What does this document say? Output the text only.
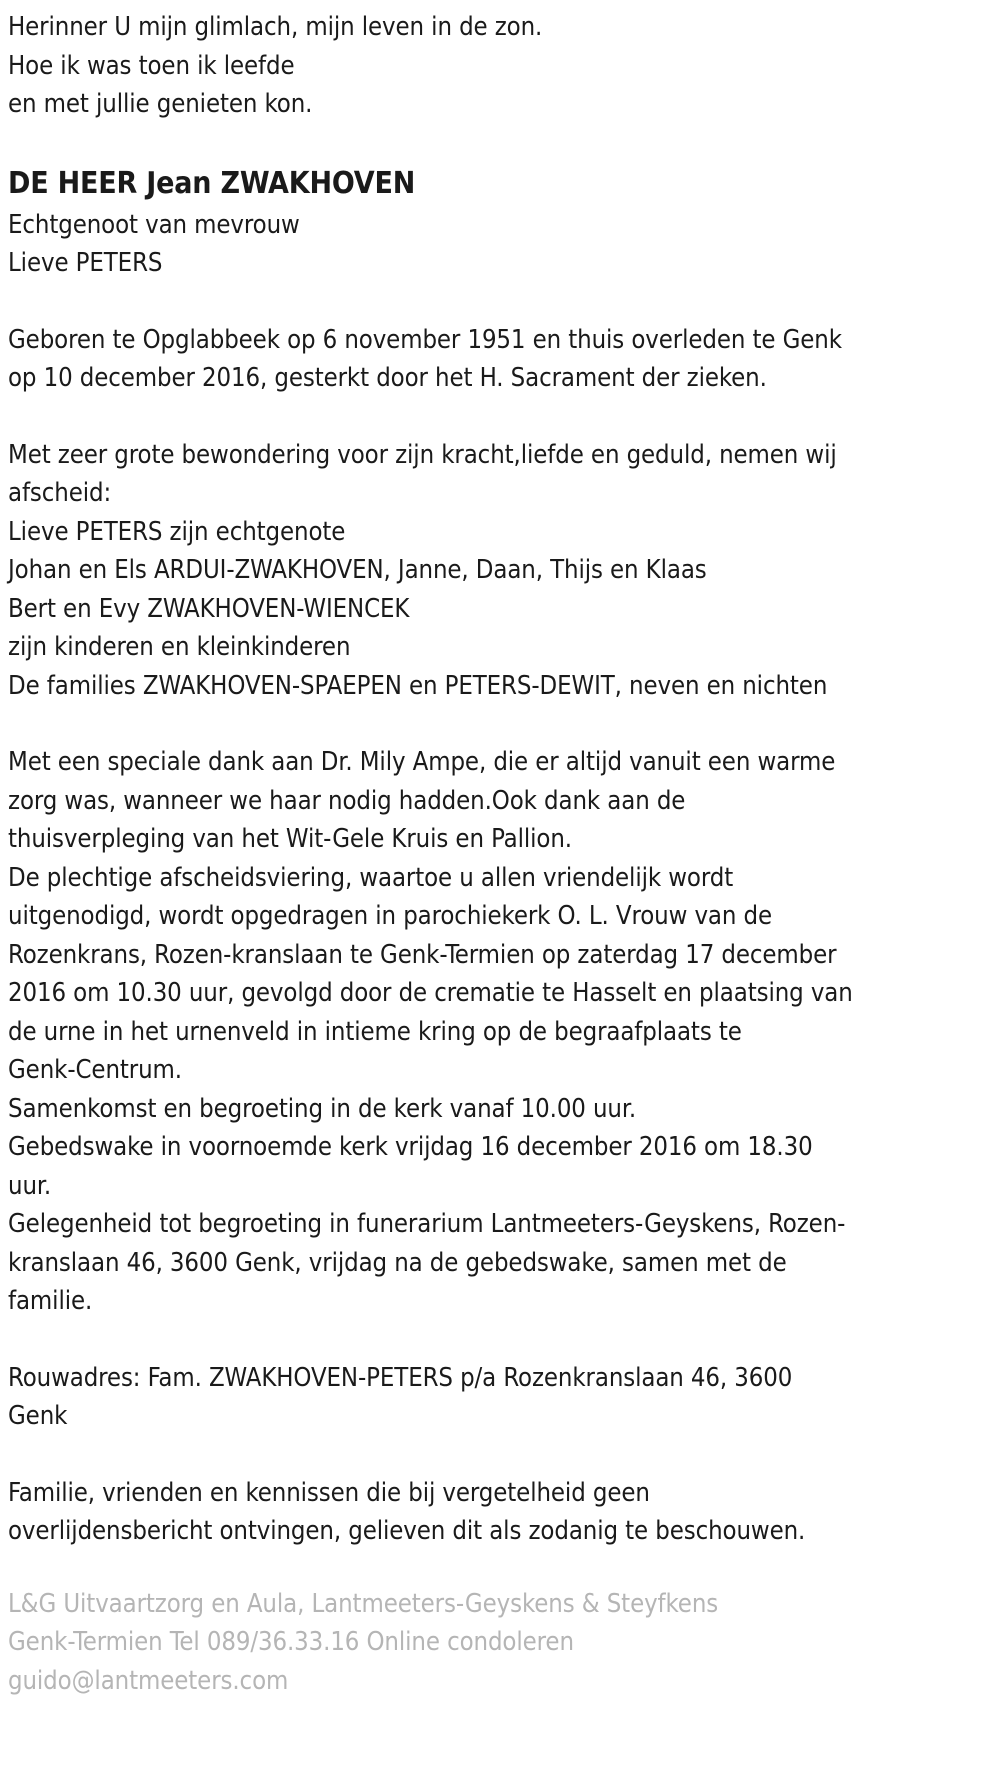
Herinner U mijn glimlach, mijn leven in de zon.
Hoe ik was toen ik leefde
en met jullie genieten kon.
DE HEER Jean ZWAKHOVEN
Echtgenoot van mevrouw
Lieve PETERS
Geboren te Opglabbeek op 6 november 1951 en thuis overleden te Genk
op 10 december 2016, gesterkt door het H. Sacrament der zieken.
Met zeer grote bewondering voor zijn kracht,liefde en geduld, nemen wij
afscheid:
Lieve PETERS zijn echtgenote
Johan en Els ARDUI-ZWAKHOVEN, Janne, Daan, Thijs en Klaas
Bert en Evy ZWAKHOVEN-WIENCEK
zijn kinderen en kleinkinderen
De families ZWAKHOVEN-SPAEPEN en PETERS-DEWIT, neven en nichten
Met een speciale dank aan Dr. Mily Ampe, die er altijd vanuit een warme
zorg was, wanneer we haar nodig hadden.Ook dank aan de
thuisverpleging van het Wit-Gele Kruis en Pallion.
De plechtige afscheidsviering, waartoe u allen vriendelijk wordt
uitgenodigd, wordt opgedragen in parochiekerk O. L. Vrouw van de
Rozenkrans, Rozen-kranslaan te Genk-Termien op zaterdag 17 december
2016 om 10.30 uur, gevolgd door de crematie te Hasselt en plaatsing van
de urne in het urnenveld in intieme kring op de begraafplaats te
Genk-Centrum.
Samenkomst en begroeting in de kerk vanaf 10.00 uur.
Gebedswake in voornoemde kerk vrijdag 16 december 2016 om 18.30
uur.
Gelegenheid tot begroeting in funerarium Lantmeeters-Geyskens, Rozen-
kranslaan 46, 3600 Genk, vrijdag na de gebedswake, samen met de
familie.
Rouwadres: Fam. ZWAKHOVEN-PETERS p/a Rozenkranslaan 46, 3600
Genk
Familie, vrienden en kennissen die bij vergetelheid geen
overlijdensbericht ontvingen, gelieven dit als zodanig te beschouwen.
L&G Uitvaartzorg en Aula, Lantmeeters-Geyskens & Steyfkens
Genk-Termien Tel 089/36.33.16 Online condoleren
guido@lantmeeters.com
